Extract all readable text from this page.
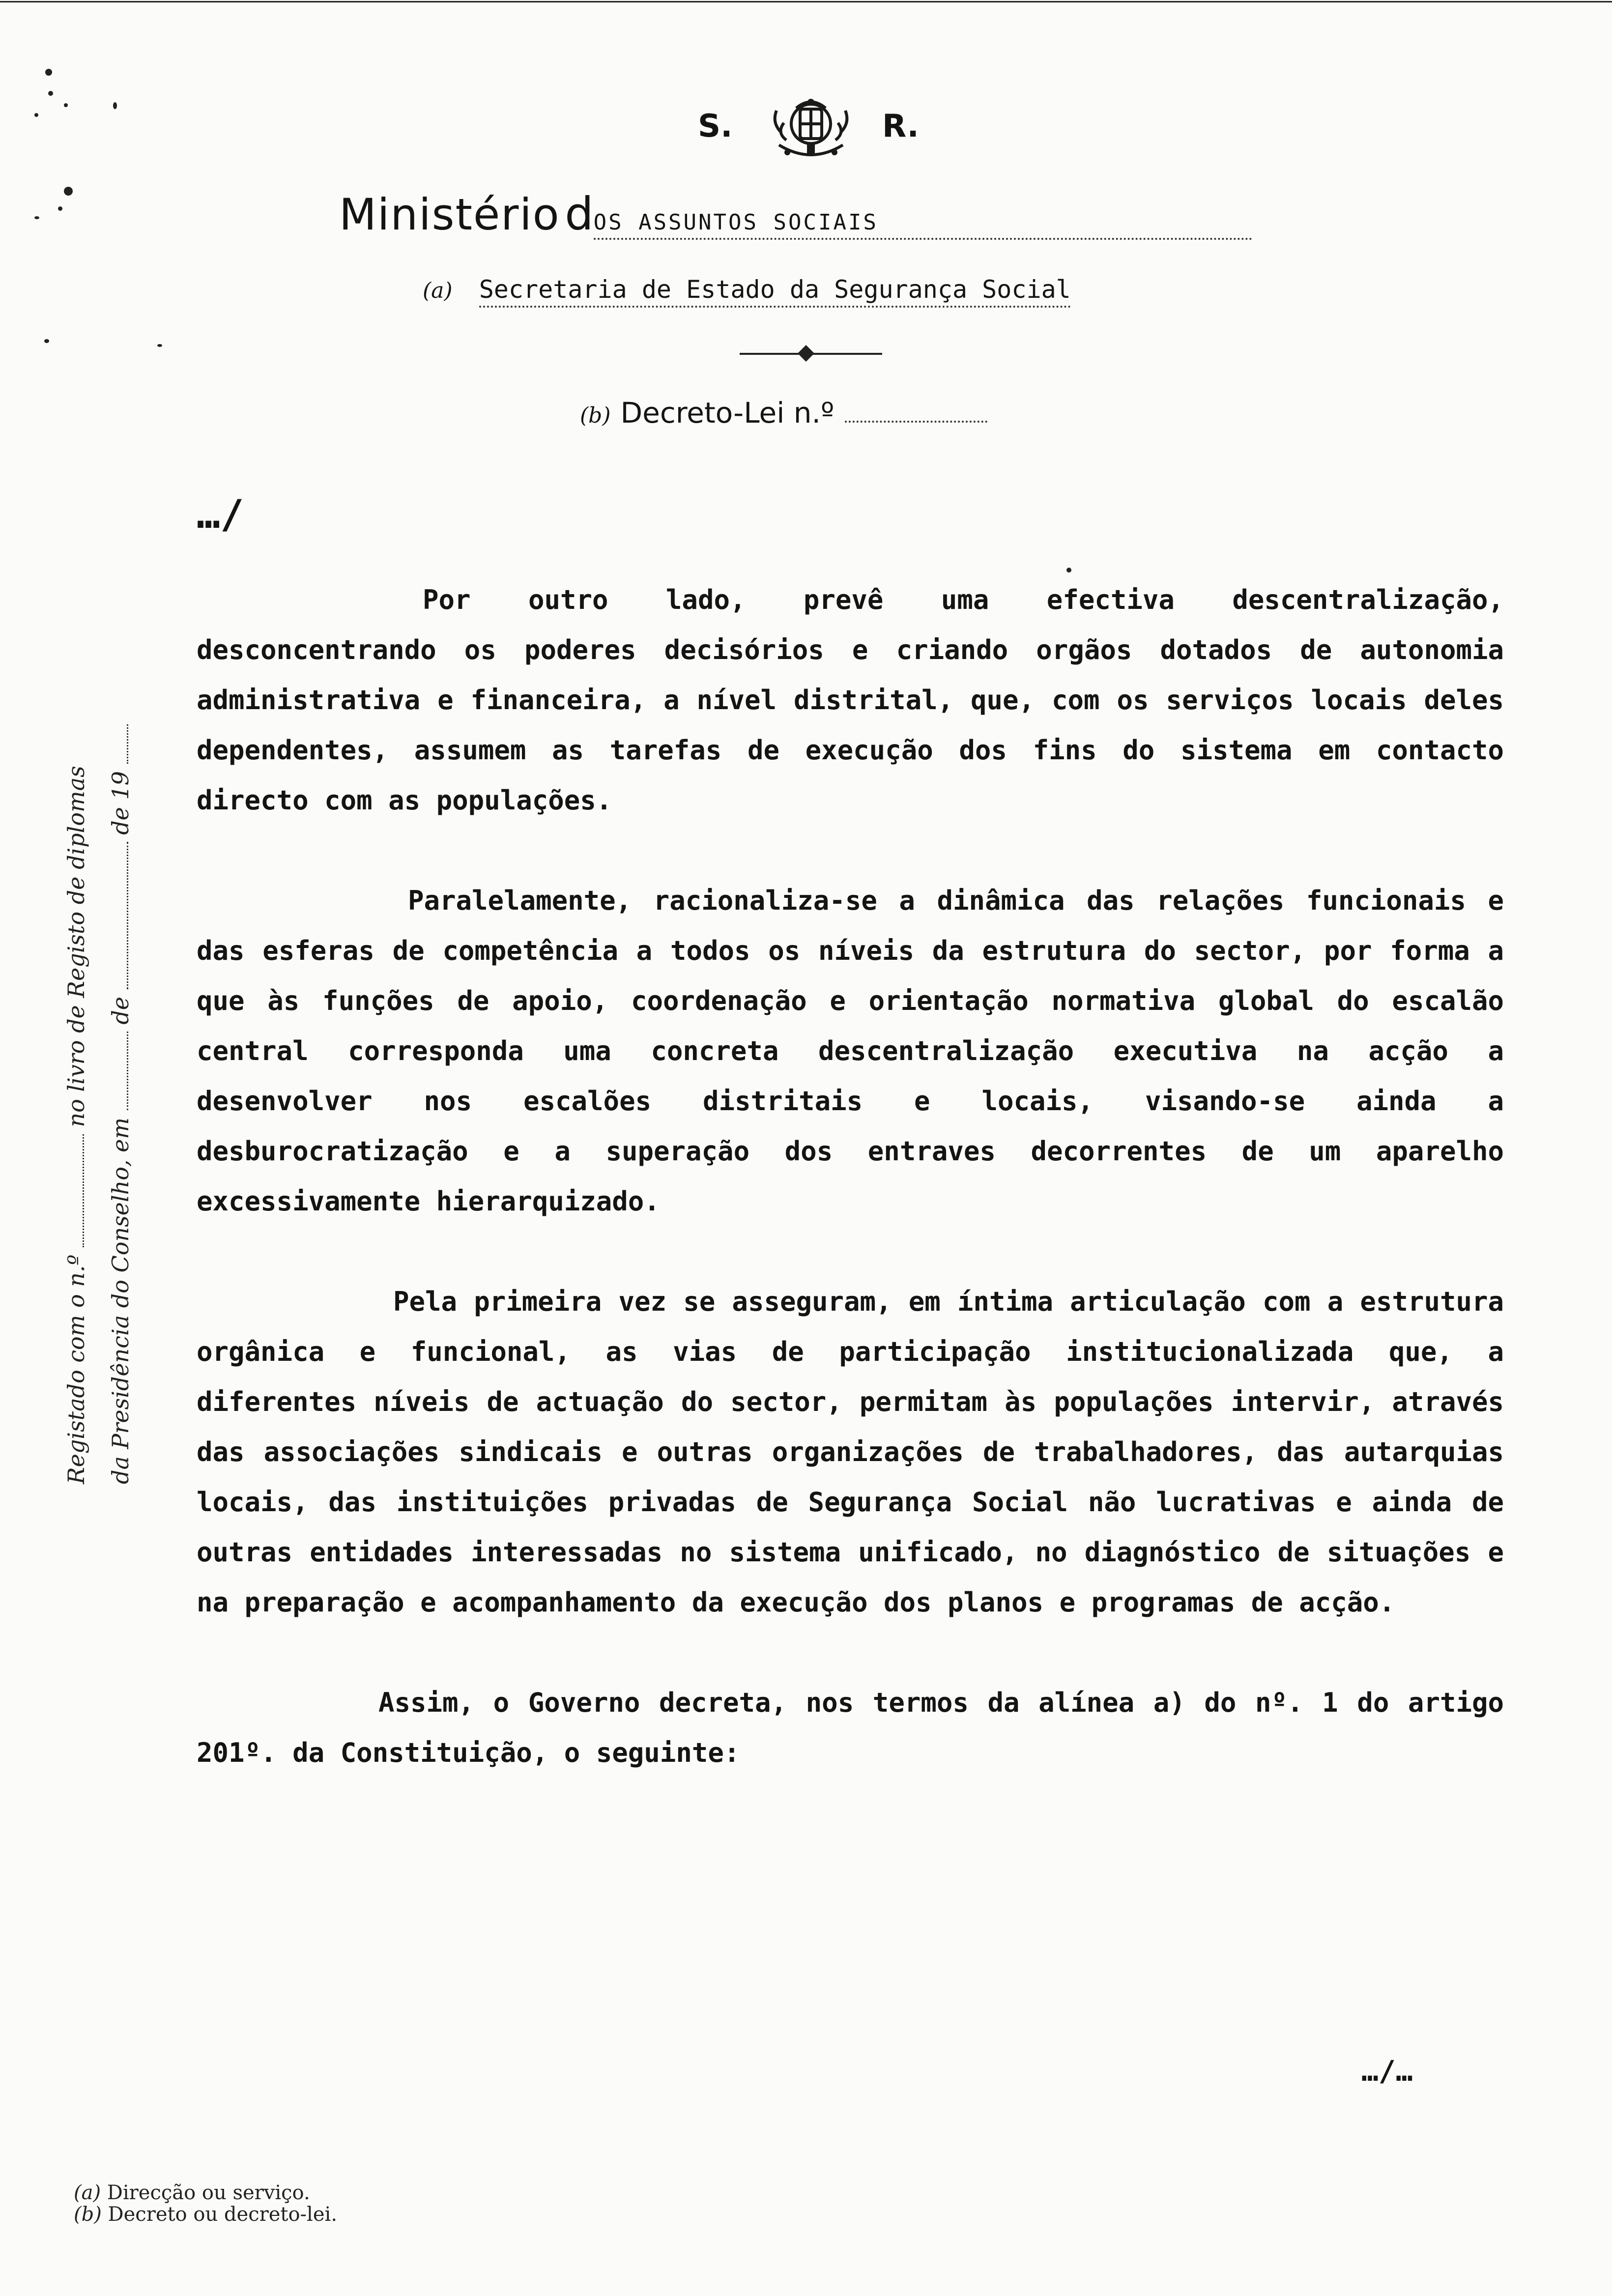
S.	R.
Ministério dOS ASSUNTOS SOCIAIS
(a) Secretaria de Estado da Segurança Social
(b) Decreto-Lei n.º
…/

Por outro lado, prevê uma efectiva descentralização, desconcentrando os poderes decisórios e criando orgãos dotados de autonomia administrativa e financeira, a nível distrital, que, com os serviços locais deles dependentes, assumem as tarefas de execução dos fins do sistema em contacto directo com as populações.

Paralelamente, racionaliza-se a dinâmica das relações funcionais e das esferas de competência a todos os níveis da estrutura do sector, por forma a que às funções de apoio, coordenação e orientação normativa global do escalão central corresponda uma concreta descentralização executiva na acção a desenvolver nos escalões distritais e locais, visando-se ainda a desburocratização e a superação dos entraves decorrentes de um aparelho excessivamente hierarquizado.

Pela primeira vez se asseguram, em íntima articulação com a estrutura orgânica e funcional, as vias de participação institucionalizada que, a diferentes níveis de actuação do sector, permitam às populações intervir, através das associações sindicais e outras organizações de trabalhadores, das autarquias locais, das instituições privadas de Segurança Social não lucrativas e ainda de outras entidades interessadas no sistema unificado, no diagnóstico de situações e na preparação e acompanhamento da execução dos planos e programas de acção.

Assim, o Governo decreta, nos termos da alínea a) do nº. 1 do artigo 201º. da Constituição, o seguinte:

…/…
Registado com o n.º  no livro de Registo de diplomas
da Presidência do Conselho, em  de  de 19
(a) Direcção ou serviço.
(b) Decreto ou decreto-lei.
